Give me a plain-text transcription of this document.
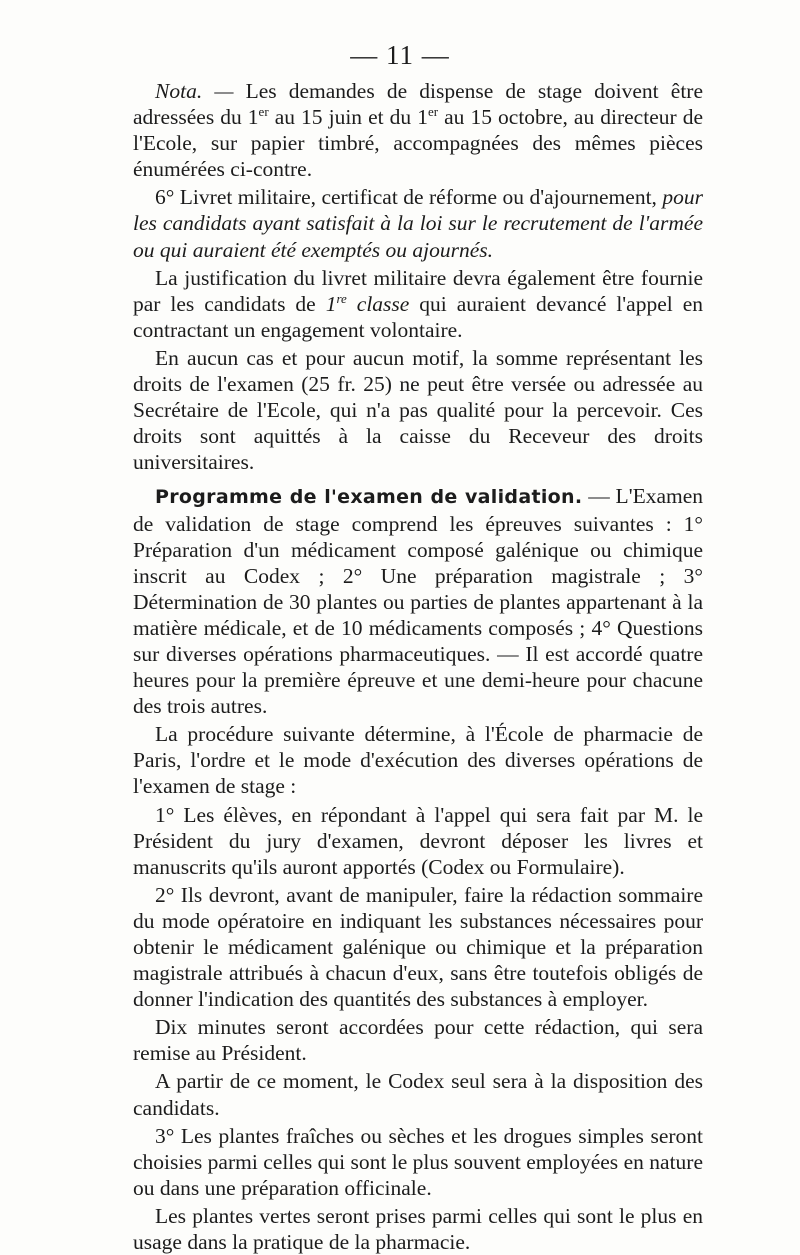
— 11 —

Nota. — Les demandes de dispense de stage doivent être adressées du 1er au 15 juin et du 1er au 15 octobre, au directeur de l'Ecole, sur papier timbré, accompagnées des mêmes pièces énumérées ci-contre.

6° Livret militaire, certificat de réforme ou d'ajournement, pour les candidats ayant satisfait à la loi sur le recrutement de l'armée ou qui auraient été exemptés ou ajournés.

La justification du livret militaire devra également être fournie par les candidats de 1re classe qui auraient devancé l'appel en contractant un engagement volontaire.

En aucun cas et pour aucun motif, la somme représentant les droits de l'examen (25 fr. 25) ne peut être versée ou adressée au Secrétaire de l'Ecole, qui n'a pas qualité pour la percevoir. Ces droits sont aquittés à la caisse du Receveur des droits universitaires.

Programme de l'examen de validation. — L'Examen de validation de stage comprend les épreuves suivantes : 1° Préparation d'un médicament composé galénique ou chimique inscrit au Codex ; 2° Une préparation magistrale ; 3° Détermination de 30 plantes ou parties de plantes appartenant à la matière médicale, et de 10 médicaments composés ; 4° Questions sur diverses opérations pharmaceutiques. — Il est accordé quatre heures pour la première épreuve et une demi-heure pour chacune des trois autres.

La procédure suivante détermine, à l'École de pharmacie de Paris, l'ordre et le mode d'exécution des diverses opérations de l'examen de stage :

1° Les élèves, en répondant à l'appel qui sera fait par M. le Président du jury d'examen, devront déposer les livres et manuscrits qu'ils auront apportés (Codex ou Formulaire).

2° Ils devront, avant de manipuler, faire la rédaction sommaire du mode opératoire en indiquant les substances nécessaires pour obtenir le médicament galénique ou chimique et la préparation magistrale attribués à chacun d'eux, sans être toutefois obligés de donner l'indication des quantités des substances à employer.

Dix minutes seront accordées pour cette rédaction, qui sera remise au Président.

A partir de ce moment, le Codex seul sera à la disposition des candidats.

3° Les plantes fraîches ou sèches et les drogues simples seront choisies parmi celles qui sont le plus souvent employées en nature ou dans une préparation officinale.

Les plantes vertes seront prises parmi celles qui sont le plus en usage dans la pratique de la pharmacie.
